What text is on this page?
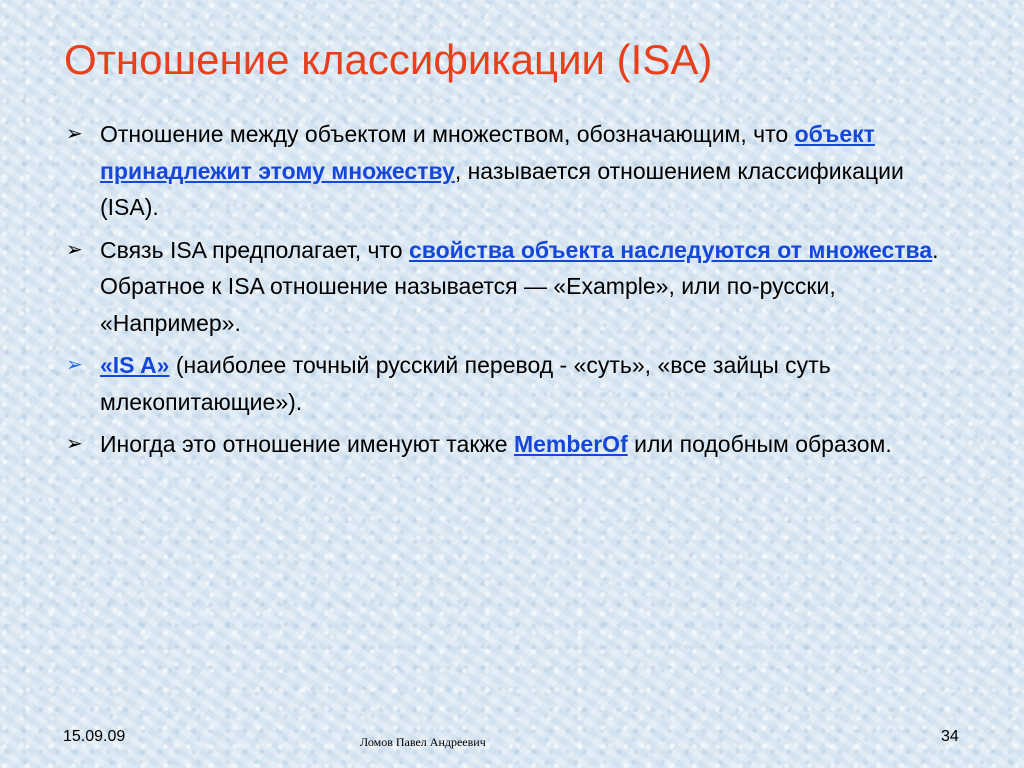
Отношение классификации (ISA)
➢ Отношение между объектом и множеством, обозначающим, что объект принадлежит этому множеству, называется отношением классификации (ISA).
➢ Связь ISA предполагает, что свойства объекта наследуются от множества. Обратное к ISA отношение называется — «Example», или по-русски, «Например».
➢ «IS A» (наиболее точный русский перевод - «суть», «все зайцы суть млекопитающие»).
➢ Иногда это отношение именуют также MemberOf или подобным образом.
15.09.09	Ломов Павел Андреевич	34
